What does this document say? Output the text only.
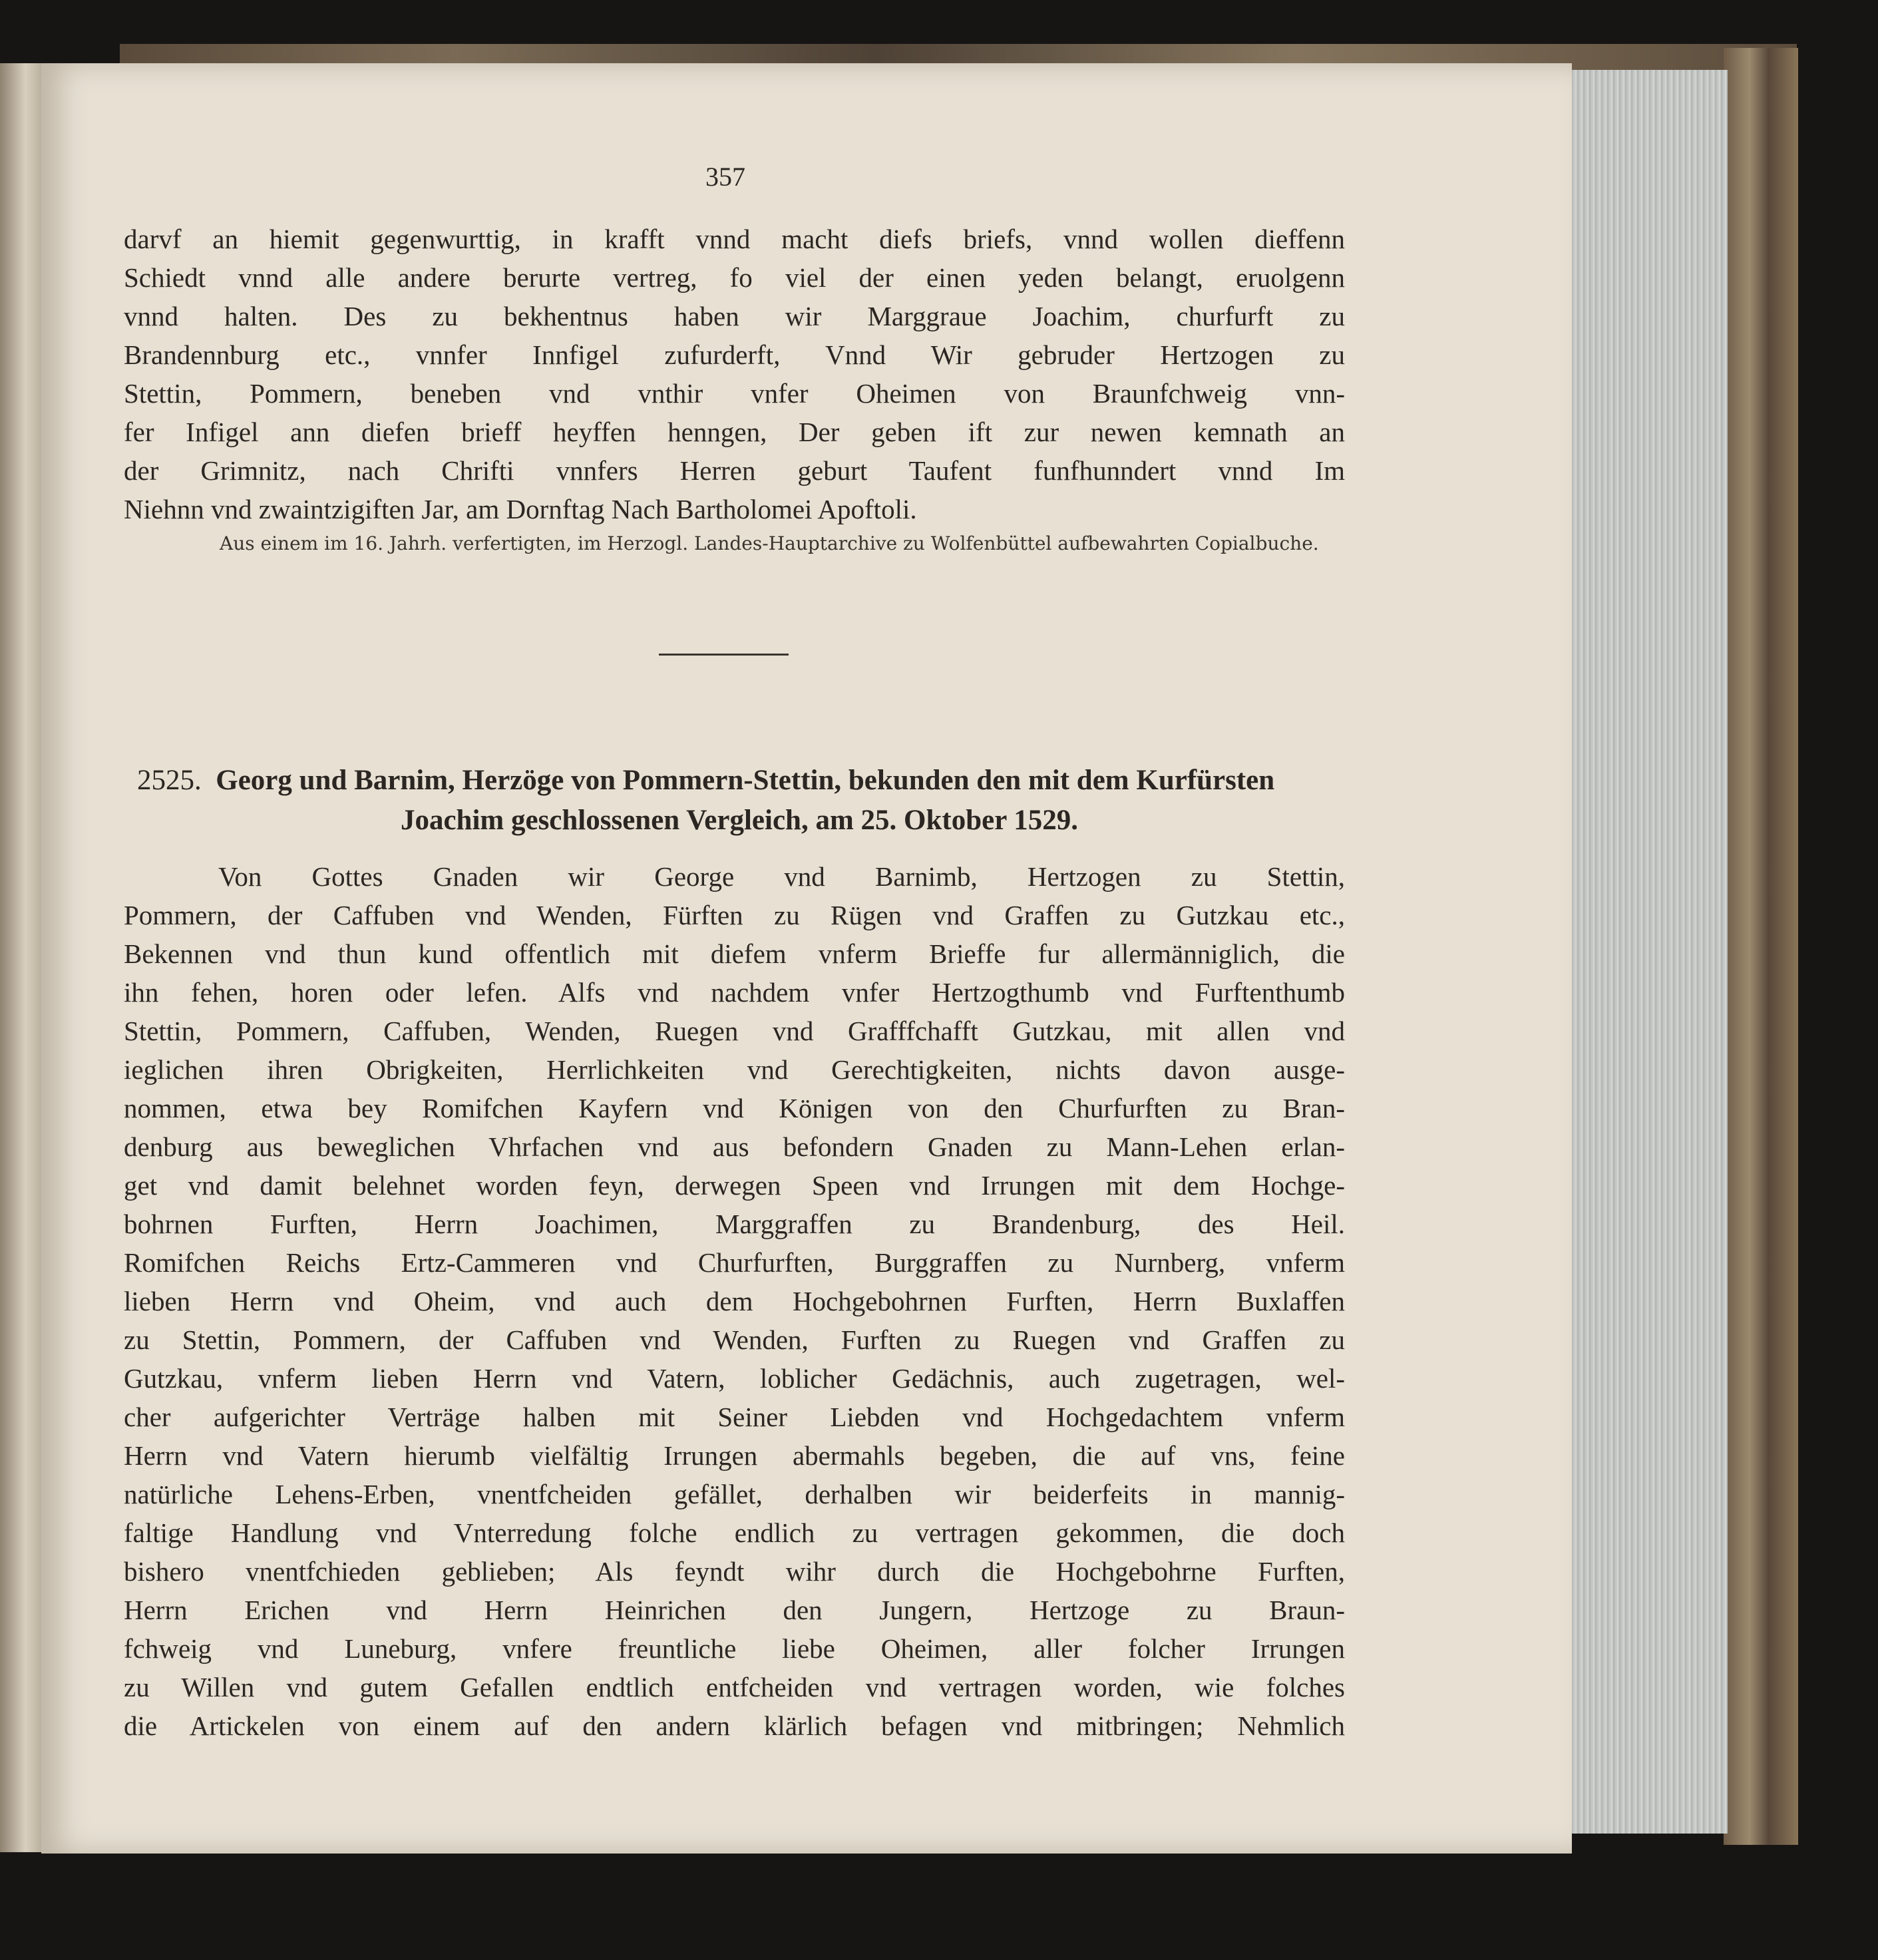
357
darvf an hiemit gegenwurttig, in krafft vnnd macht diefs briefs, vnnd wollen dieffenn
Schiedt vnnd alle andere berurte vertreg, fo viel der einen yeden belangt, eruolgenn
vnnd halten. Des zu bekhentnus haben wir Marggraue Joachim, churfurft zu
Brandennburg etc., vnnfer Innfigel zufurderft, Vnnd Wir gebruder Hertzogen zu
Stettin, Pommern, beneben vnd vnthir vnfer Oheimen von Braunfchweig vnn-
fer Infigel ann diefen brieff heyffen henngen, Der geben ift zur newen kemnath an
der Grimnitz, nach Chrifti vnnfers Herren geburt Taufent funfhunndert vnnd Im
Niehnn vnd zwaintzigiften Jar, am Dornftag Nach Bartholomei Apoftoli.
Aus einem im 16. Jahrh. verfertigten, im Herzogl. Landes-Hauptarchive zu Wolfenbüttel aufbewahrten Copialbuche.
2525. Georg und Barnim, Herzöge von Pommern-Stettin, bekunden den mit dem Kurfürsten
Joachim geschlossenen Vergleich, am 25. Oktober 1529.
Von Gottes Gnaden wir George vnd Barnimb, Hertzogen zu Stettin,
Pommern, der Caffuben vnd Wenden, Fürften zu Rügen vnd Graffen zu Gutzkau etc.,
Bekennen vnd thun kund offentlich mit diefem vnferm Brieffe fur allermänniglich, die
ihn fehen, horen oder lefen. Alfs vnd nachdem vnfer Hertzogthumb vnd Furftenthumb
Stettin, Pommern, Caffuben, Wenden, Ruegen vnd Grafffchafft Gutzkau, mit allen vnd
ieglichen ihren Obrigkeiten, Herrlichkeiten vnd Gerechtigkeiten, nichts davon ausge-
nommen, etwa bey Romifchen Kayfern vnd Königen von den Churfurften zu Bran-
denburg aus beweglichen Vhrfachen vnd aus befondern Gnaden zu Mann-Lehen erlan-
get vnd damit belehnet worden feyn, derwegen Speen vnd Irrungen mit dem Hochge-
bohrnen Furften, Herrn Joachimen, Marggraffen zu Brandenburg, des Heil.
Romifchen Reichs Ertz-Cammeren vnd Churfurften, Burggraffen zu Nurnberg, vnferm
lieben Herrn vnd Oheim, vnd auch dem Hochgebohrnen Furften, Herrn Buxlaffen
zu Stettin, Pommern, der Caffuben vnd Wenden, Furften zu Ruegen vnd Graffen zu
Gutzkau, vnferm lieben Herrn vnd Vatern, loblicher Gedächnis, auch zugetragen, wel-
cher aufgerichter Verträge halben mit Seiner Liebden vnd Hochgedachtem vnferm
Herrn vnd Vatern hierumb vielfältig Irrungen abermahls begeben, die auf vns, feine
natürliche Lehens-Erben, vnentfcheiden gefället, derhalben wir beiderfeits in mannig-
faltige Handlung vnd Vnterredung folche endlich zu vertragen gekommen, die doch
bishero vnentfchieden geblieben; Als feyndt wihr durch die Hochgebohrne Furften,
Herrn Erichen vnd Herrn Heinrichen den Jungern, Hertzoge zu Braun-
fchweig vnd Luneburg, vnfere freuntliche liebe Oheimen, aller folcher Irrungen
zu Willen vnd gutem Gefallen endtlich entfcheiden vnd vertragen worden, wie folches
die Artickelen von einem auf den andern klärlich befagen vnd mitbringen; Nehmlich
